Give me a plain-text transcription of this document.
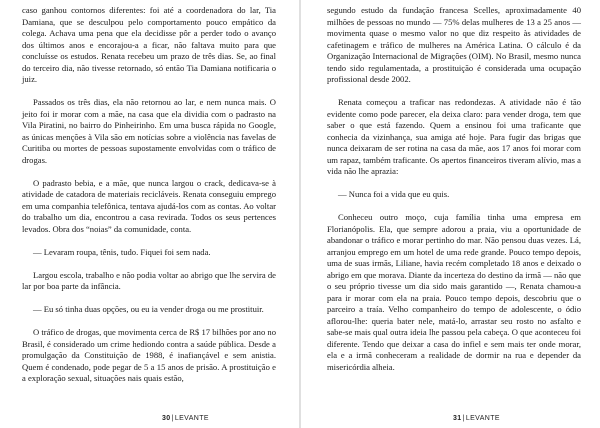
caso ganhou contornos diferentes: foi até a coordenadora do lar, Tia Damiana, que se desculpou pelo comportamento pouco empático da colega. Achava uma pena que ela decidisse pôr a perder todo o avanço dos últimos anos e encorajou-a a ficar, não faltava muito para que concluísse os estudos. Renata recebeu um prazo de três dias. Se, ao final do terceiro dia, não tivesse retornado, só então Tia Damiana notificaria o juiz.

Passados os três dias, ela não retornou ao lar, e nem nunca mais. O jeito foi ir morar com a mãe, na casa que ela dividia com o padrasto na Vila Piratini, no bairro do Pinheirinho. Em uma busca rápida no Google, as únicas menções à Vila são em notícias sobre a violência nas favelas de Curitiba ou mortes de pessoas supostamente envolvidas com o tráfico de drogas.

O padrasto bebia, e a mãe, que nunca largou o crack, dedicava-se à atividade de catadora de materiais recicláveis. Renata conseguiu emprego em uma companhia telefônica, tentava ajudá-los com as contas. Ao voltar do trabalho um dia, encontrou a casa revirada. Todos os seus pertences levados. Obra dos “noias” da comunidade, conta.

— Levaram roupa, tênis, tudo. Fiquei foi sem nada.

Largou escola, trabalho e não podia voltar ao abrigo que lhe servira de lar por boa parte da infância.

— Eu só tinha duas opções, ou eu ia vender droga ou me prostituir.

O tráfico de drogas, que movimenta cerca de R$ 17 bilhões por ano no Brasil, é considerado um crime hediondo contra a saúde pública. Desde a promulgação da Constituição de 1988, é inafiançável e sem anistia. Quem é condenado, pode pegar de 5 a 15 anos de prisão. A prostituição e a exploração sexual, situações nais quais estão,

30|LEVANTE

segundo estudo da fundação francesa Scelles, aproximadamente 40 milhões de pessoas no mundo — 75% delas mulheres de 13 a 25 anos — movimenta quase o mesmo valor no que diz respeito às atividades de cafetinagem e tráfico de mulheres na América Latina. O cálculo é da Organização Internacional de Migrações (OIM). No Brasil, mesmo nunca tendo sido regulamentada, a prostituição é considerada uma ocupação profissional desde 2002.

Renata começou a traficar nas redondezas. A atividade não é tão evidente como pode parecer, ela deixa claro: para vender droga, tem que saber o que está fazendo. Quem a ensinou foi uma traficante que conhecia da vizinhança, sua amiga até hoje. Para fugir das brigas que nunca deixaram de ser rotina na casa da mãe, aos 17 anos foi morar com um rapaz, também traficante. Os apertos financeiros tiveram alívio, mas a vida não lhe aprazia:

— Nunca foi a vida que eu quis.

Conheceu outro moço, cuja família tinha uma empresa em Florianópolis. Ela, que sempre adorou a praia, viu a oportunidade de abandonar o tráfico e morar pertinho do mar. Não pensou duas vezes. Lá, arranjou emprego em um hotel de uma rede grande. Pouco tempo depois, uma de suas irmãs, Liliane, havia recém completado 18 anos e deixado o abrigo em que morava. Diante da incerteza do destino da irmã — não que o seu próprio tivesse um dia sido mais garantido —, Renata chamou-a para ir morar com ela na praia. Pouco tempo depois, descobriu que o parceiro a traía. Velho companheiro do tempo de adolescente, o ódio aflorou-lhe: queria bater nele, matá-lo, arrastar seu rosto no asfalto e sabe-se mais qual outra ideia lhe passou pela cabeça. O que aconteceu foi diferente. Tendo que deixar a casa do infiel e sem mais ter onde morar, ela e a irmã conheceram a realidade de dormir na rua e depender da misericórdia alheia.

31|LEVANTE
